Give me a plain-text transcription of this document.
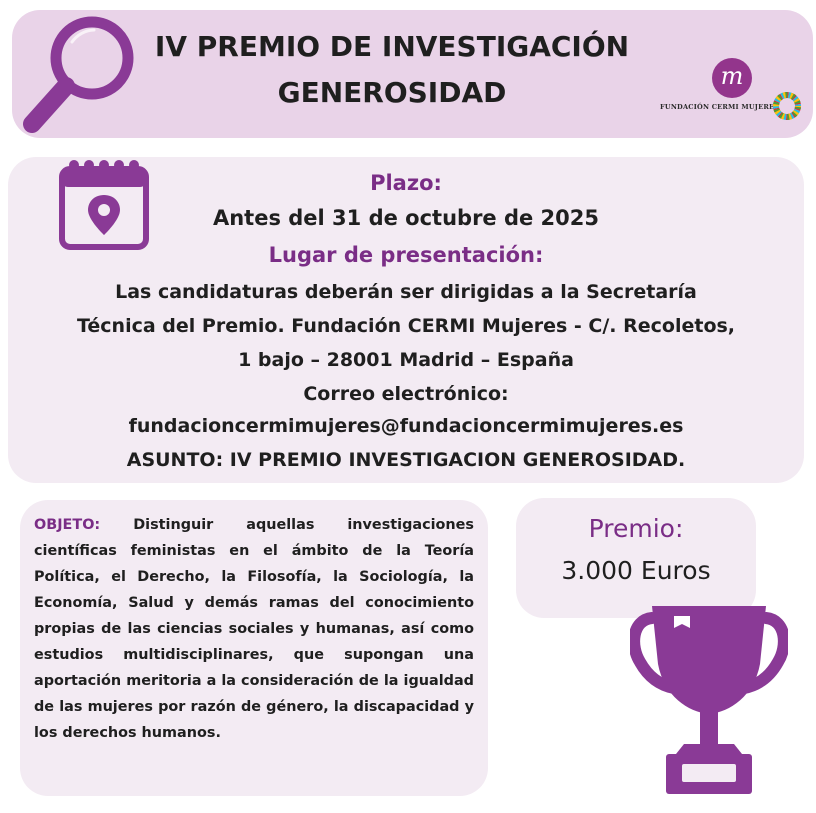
IV PREMIO DE INVESTIGACIÓN
GENEROSIDAD	m
FUNDACIÓN CERMI MUJERES
Plazo:
Antes del 31 de octubre de 2025
Lugar de presentación:
Las candidaturas deberán ser dirigidas a la Secretaría
Técnica del Premio. Fundación CERMI Mujeres - C/. Recoletos,
1 bajo – 28001 Madrid – España
Correo electrónico:
fundacioncermimujeres@fundacioncermimujeres.es
ASUNTO: IV PREMIO INVESTIGACION GENEROSIDAD.
OBJETO: Distinguir aquellas investigaciones científicas feministas en el ámbito de la Teoría Política, el Derecho, la Filosofía, la Sociología, la Economía, Salud y demás ramas del conocimiento propias de las ciencias sociales y humanas, así como estudios multidisciplinares, que supongan una aportación meritoria a la consideración de la igualdad de las mujeres por razón de género, la discapacidad y los derechos humanos.
Premio:
3.000 Euros
